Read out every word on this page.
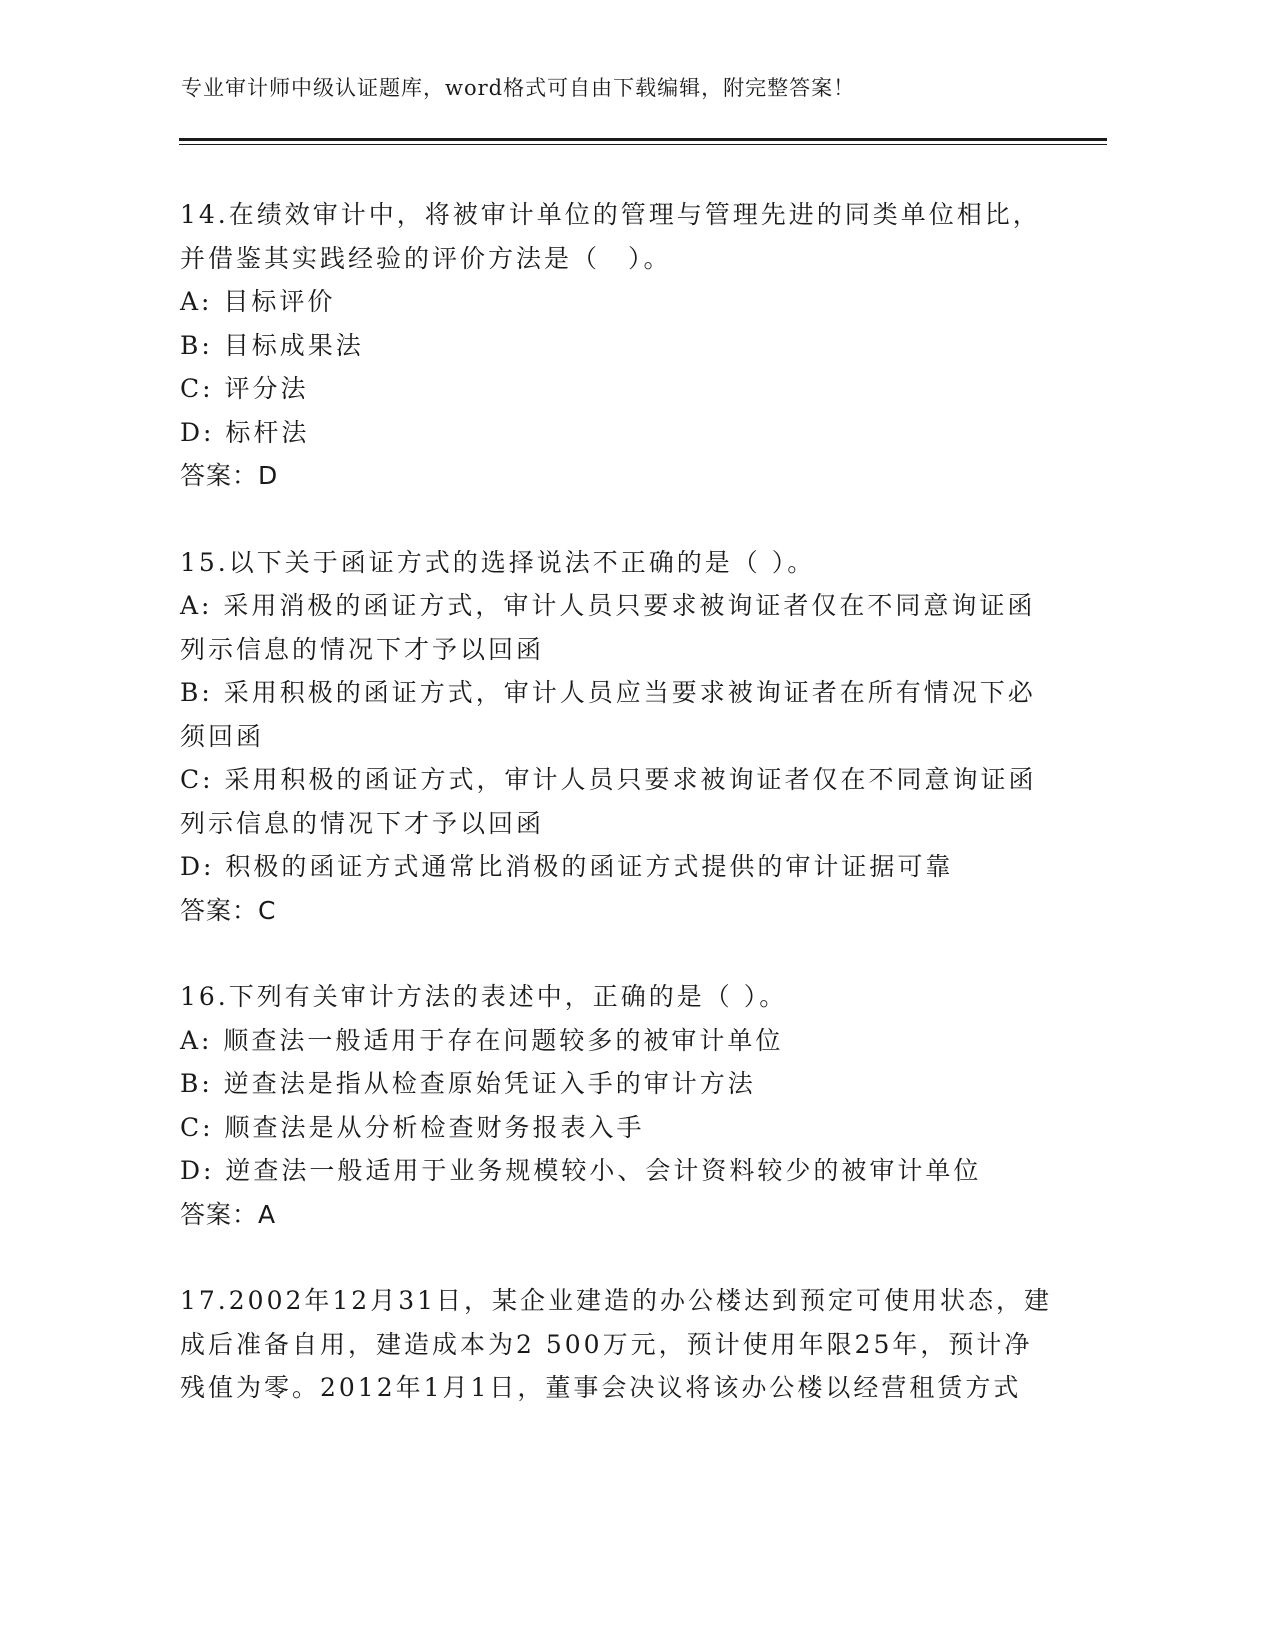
专业审计师中级认证题库，word格式可自由下载编辑，附完整答案！
14.在绩效审计中，将被审计单位的管理与管理先进的同类单位相比，
并借鉴其实践经验的评价方法是（　）。
A: 目标评价
B: 目标成果法
C: 评分法
D: 标杆法
答案：D
15.以下关于函证方式的选择说法不正确的是（ ）。
A: 采用消极的函证方式，审计人员只要求被询证者仅在不同意询证函
列示信息的情况下才予以回函
B: 采用积极的函证方式，审计人员应当要求被询证者在所有情况下必
须回函
C: 采用积极的函证方式，审计人员只要求被询证者仅在不同意询证函
列示信息的情况下才予以回函
D: 积极的函证方式通常比消极的函证方式提供的审计证据可靠
答案：C
16.下列有关审计方法的表述中，正确的是（ ）。
A: 顺查法一般适用于存在问题较多的被审计单位
B: 逆查法是指从检查原始凭证入手的审计方法
C: 顺查法是从分析检查财务报表入手
D: 逆查法一般适用于业务规模较小、会计资料较少的被审计单位
答案：A
17.2002年12月31日，某企业建造的办公楼达到预定可使用状态，建
成后准备自用，建造成本为2 500万元，预计使用年限25年，预计净
残值为零。2012年1月1日，董事会决议将该办公楼以经营租赁方式
